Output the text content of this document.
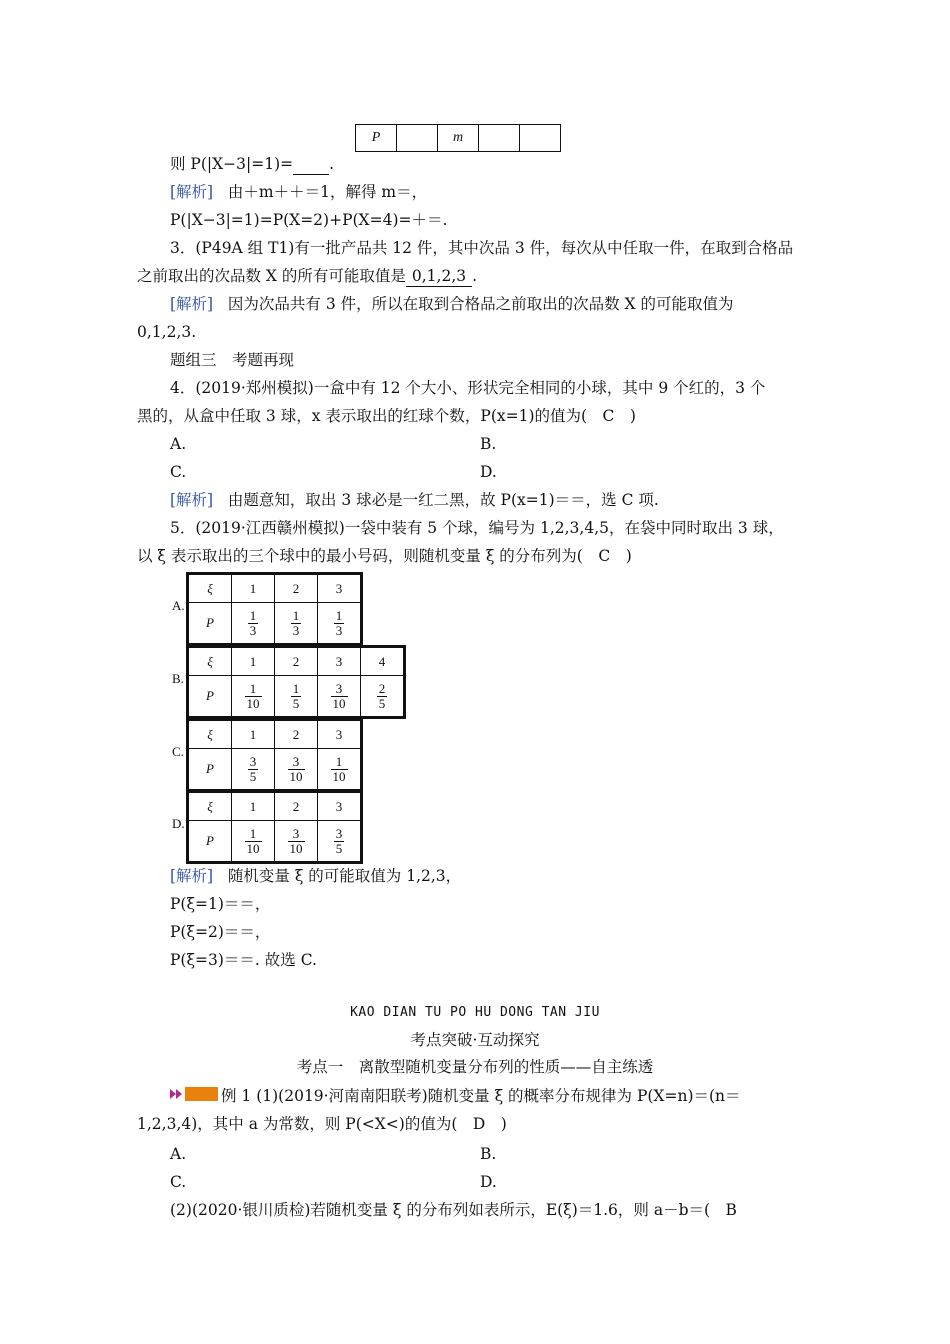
P		m		
则 P(|X−3|=1)= .
[解析] 由＋m＋＋＝1，解得 m＝，
P(|X−3|=1)=P(X=2)+P(X=4)=＋＝.
3．(P49A 组 T1)有一批产品共 12 件，其中次品 3 件，每次从中任取一件，在取到合格品
之前取出的次品数 X 的所有可能取值是 0,1,2,3 .
[解析] 因为次品共有 3 件，所以在取到合格品之前取出的次品数 X 的可能取值为
0,1,2,3.
题组三　考题再现
4．(2019·郑州模拟)一盒中有 12 个大小、形状完全相同的小球，其中 9 个红的，3 个
黑的，从盒中任取 3 球，x 表示取出的红球个数，P(x=1)的值为(　C　)
A.	B.
C.	D.
[解析] 由题意知，取出 3 球必是一红二黑，故 P(x=1)＝＝，选 C 项.
5．(2019·江西赣州模拟)一袋中装有 5 个球，编号为 1,2,3,4,5，在袋中同时取出 3 球，
以 ξ 表示取出的三个球中的最小号码，则随机变量 ξ 的分布列为(　C　)
A.
ξ	1	2	3
P	$\frac{1}{3}$	$\frac{1}{3}$	$\frac{1}{3}$
B.
ξ	1	2	3	4
P	$\frac{1}{10}$	$\frac{1}{5}$	$\frac{3}{10}$	$\frac{2}{5}$
C.
ξ	1	2	3
P	$\frac{3}{5}$	$\frac{3}{10}$	$\frac{1}{10}$
D.
ξ	1	2	3
P	$\frac{1}{10}$	$\frac{3}{10}$	$\frac{3}{5}$
[解析] 随机变量 ξ 的可能取值为 1,2,3，
P(ξ=1)＝＝，
P(ξ=2)＝＝，
P(ξ=3)＝＝. 故选 C.
KAO DIAN TU PO HU DONG TAN JIU
考点突破·互动探究
考点一　离散型随机变量分布列的性质——自主练透
例 1 (1)(2019·河南南阳联考)随机变量 ξ 的概率分布规律为 P(X=n)＝(n＝
1,2,3,4)，其中 a 为常数，则 P(<X<)的值为(　D　)
A.	B.
C.	D.
(2)(2020·银川质检)若随机变量 ξ 的分布列如表所示，E(ξ)＝1.6，则 a－b＝(　B
